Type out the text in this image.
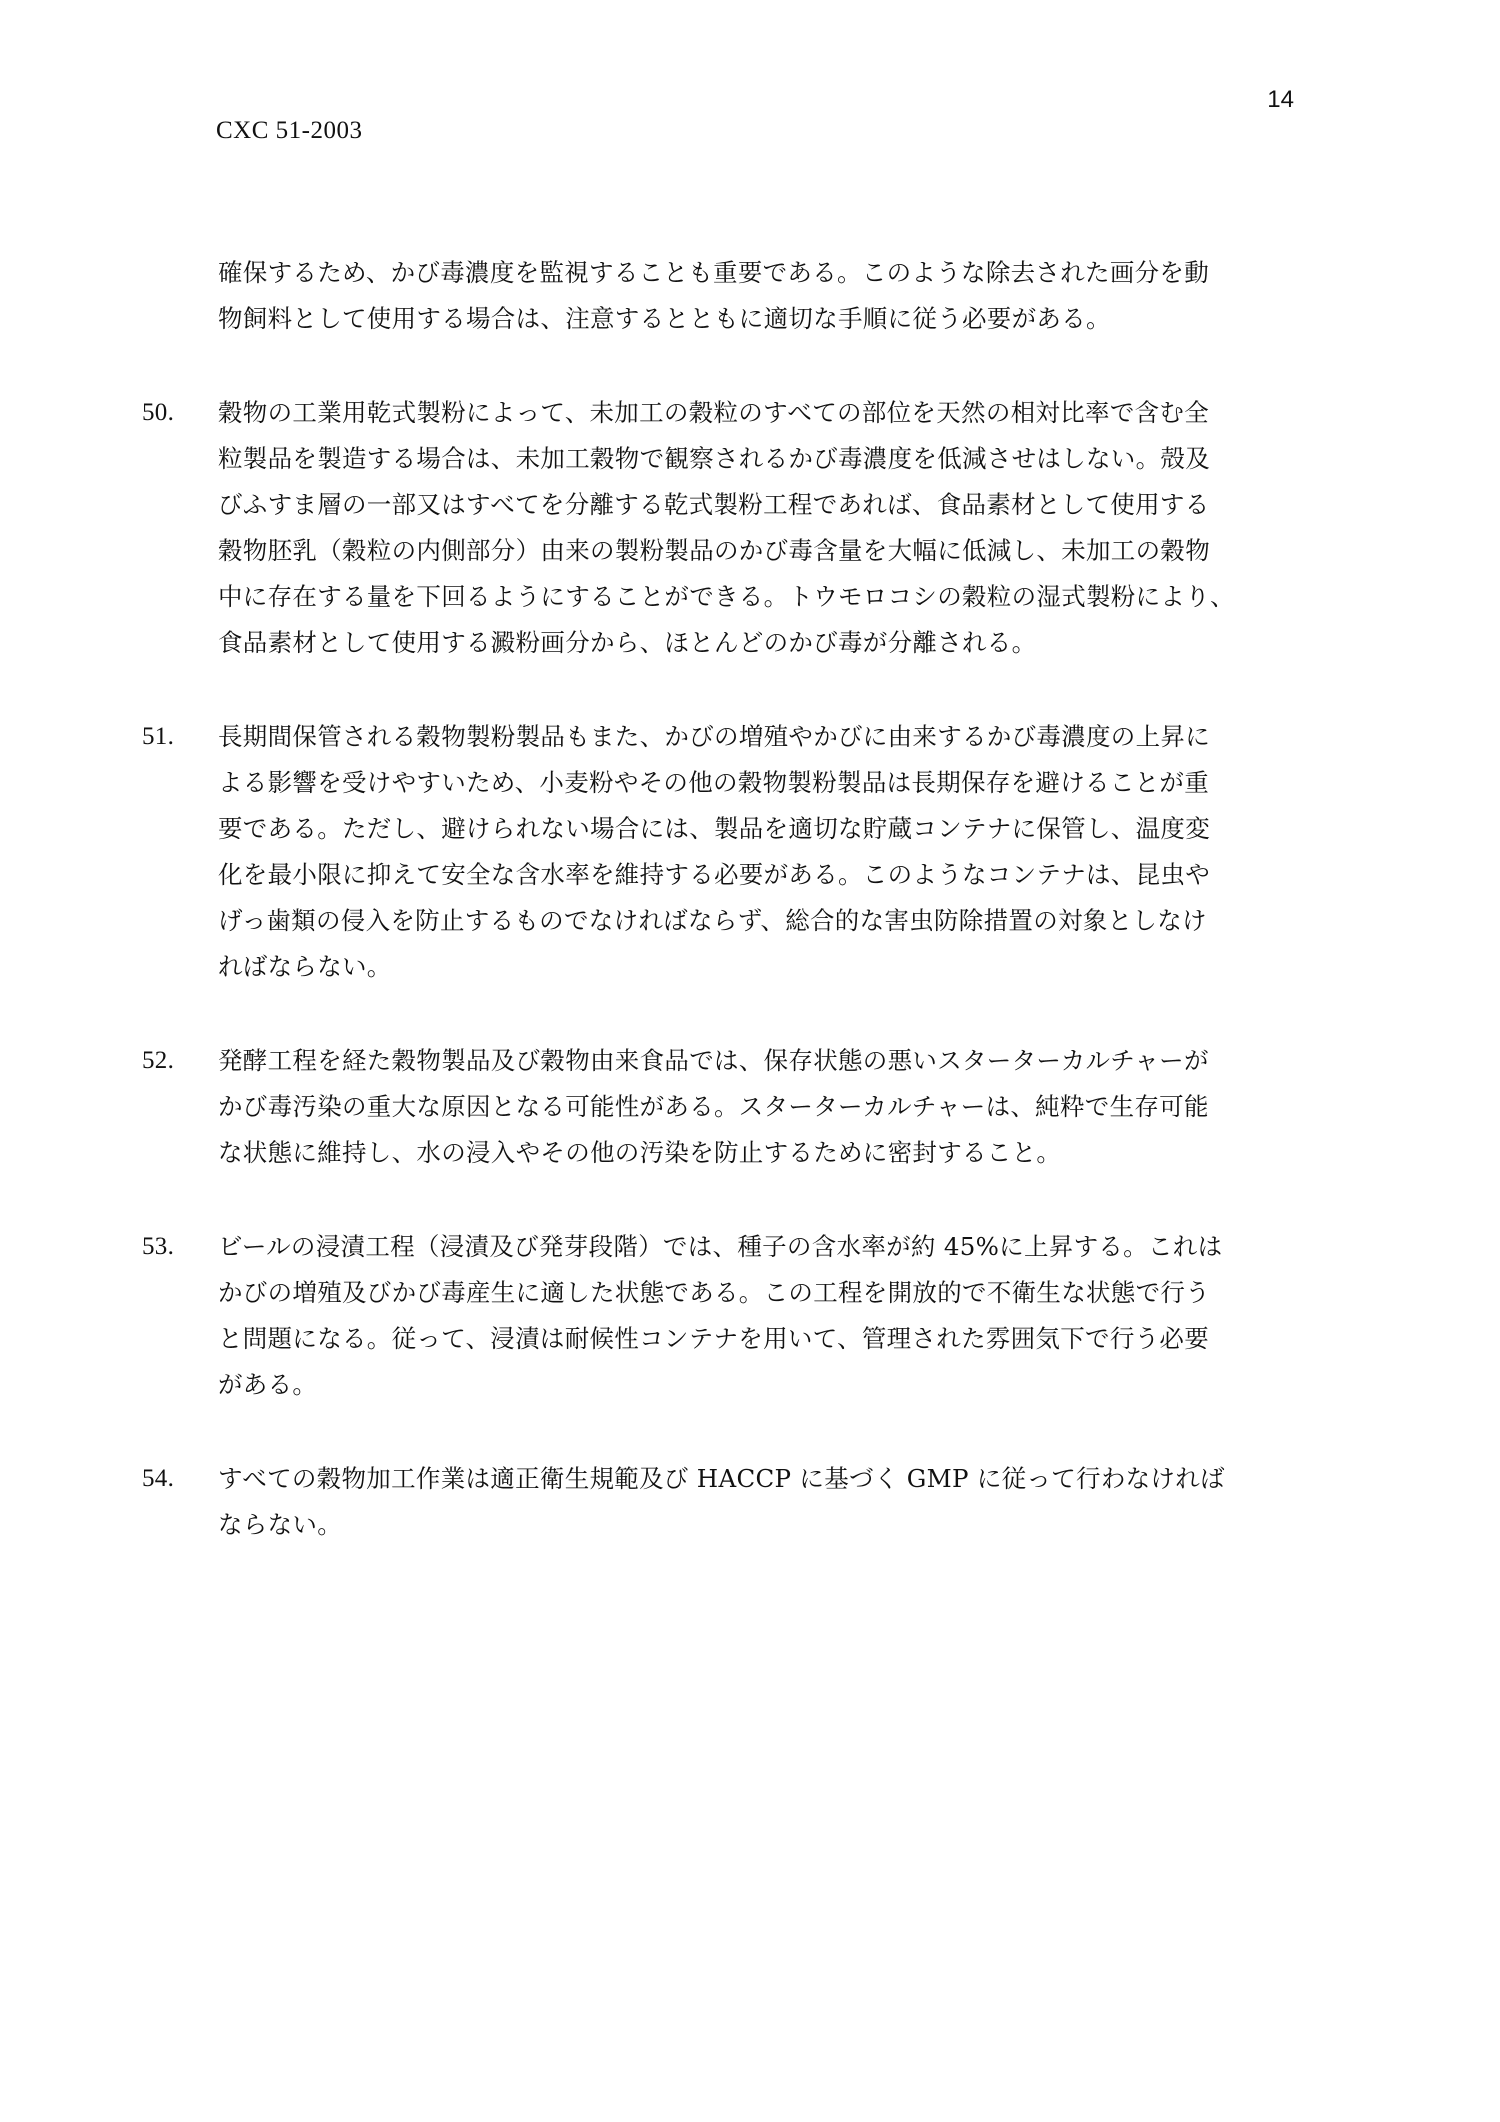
14
CXC 51-2003
確保するため、かび毒濃度を監視することも重要である。このような除去された画分を動
物飼料として使用する場合は、注意するとともに適切な手順に従う必要がある。
50. 穀物の工業用乾式製粉によって、未加工の穀粒のすべての部位を天然の相対比率で含む全
粒製品を製造する場合は、未加工穀物で観察されるかび毒濃度を低減させはしない。殻及
びふすま層の一部又はすべてを分離する乾式製粉工程であれば、食品素材として使用する
穀物胚乳（穀粒の内側部分）由来の製粉製品のかび毒含量を大幅に低減し、未加工の穀物
中に存在する量を下回るようにすることができる。トウモロコシの穀粒の湿式製粉により、
食品素材として使用する澱粉画分から、ほとんどのかび毒が分離される。
51. 長期間保管される穀物製粉製品もまた、かびの増殖やかびに由来するかび毒濃度の上昇に
よる影響を受けやすいため、小麦粉やその他の穀物製粉製品は長期保存を避けることが重
要である。ただし、避けられない場合には、製品を適切な貯蔵コンテナに保管し、温度変
化を最小限に抑えて安全な含水率を維持する必要がある。このようなコンテナは、昆虫や
げっ歯類の侵入を防止するものでなければならず、総合的な害虫防除措置の対象としなけ
ればならない。
52. 発酵工程を経た穀物製品及び穀物由来食品では、保存状態の悪いスターターカルチャーが
かび毒汚染の重大な原因となる可能性がある。スターターカルチャーは、純粋で生存可能
な状態に維持し、水の浸入やその他の汚染を防止するために密封すること。
53. ビールの浸漬工程（浸漬及び発芽段階）では、種子の含水率が約 45%に上昇する。これは
かびの増殖及びかび毒産生に適した状態である。この工程を開放的で不衛生な状態で行う
と問題になる。従って、浸漬は耐候性コンテナを用いて、管理された雰囲気下で行う必要
がある。
54. すべての穀物加工作業は適正衛生規範及び HACCP に基づく GMP に従って行わなければ
ならない。
